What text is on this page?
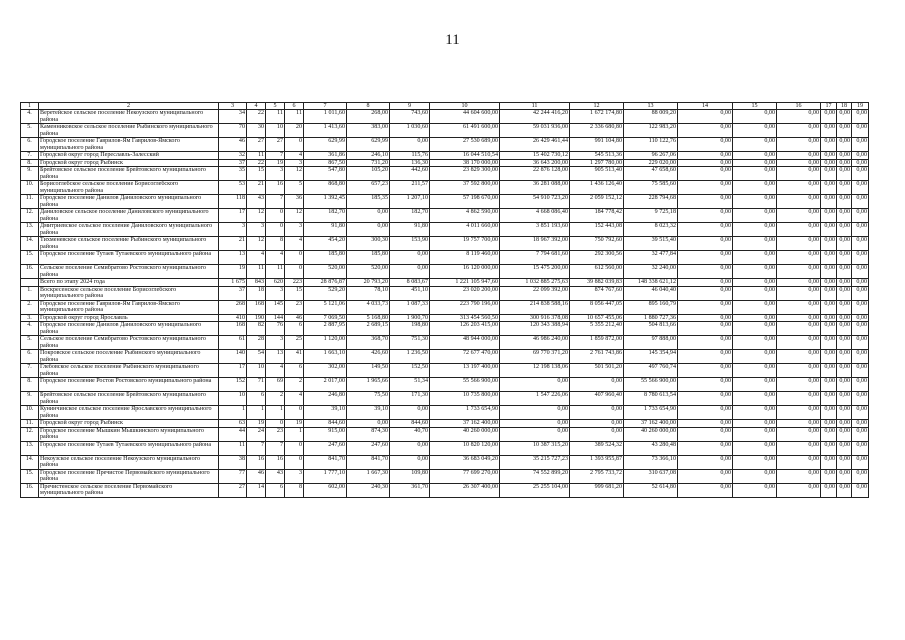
11
1	2	3	4	5	6	7	8	9	10	11	12	13	14	15	16	17	18	19
4.	Веретейское сельское поселение Некоузского муниципального района	34	22	11	11	1 011,60	268,00	743,60	44 604 600,00	42 244 416,20	1 672 174,80	88 009,20	0,00	0,00	0,00	0,00	0,00	0,00
5.	Каменниковское сельское поселение Рыбинского муниципального района	70	30	10	20	1 413,60	383,00	1 030,60	61 491 600,00	59 031 936,00	2 336 680,80	122 983,20	0,00	0,00	0,00	0,00	0,00	0,00
6.	Городское поселение Гаврилов-Ям Гаврилов-Ямского муниципального района	46	27	27	0	629,99	629,99	0,00	27 530 689,00	26 429 461,44	991 104,80	110 122,76	0,00	0,00	0,00	0,00	0,00	0,00
7.	Городской округ город Переславль-Залесский	32	11	7	4	361,86	246,10	115,76	16 044 510,54	15 402 730,12	545 513,36	96 267,06	0,00	0,00	0,00	0,00	0,00	0,00
8.	Городской округ город Рыбинск	37	22	19	3	867,50	731,20	136,30	38 170 000,00	36 643 200,00	1 297 780,00	229 020,00	0,00	0,00	0,00	0,00	0,00	0,00
9.	Брейтовское сельское поселение Брейтовского муниципального района	35	15	3	12	547,80	105,20	442,60	23 829 300,00	22 876 128,00	905 513,40	47 658,60	0,00	0,00	0,00	0,00	0,00	0,00
10.	Борисоглебское сельское поселение Борисоглебского муниципального района	53	21	16	5	868,80	657,23	211,57	37 592 800,00	36 281 088,00	1 436 126,40	75 585,60	0,00	0,00	0,00	0,00	0,00	0,00
11.	Городское поселение Данилов Даниловского муниципального района	118	43	7	36	1 392,45	185,35	1 207,10	57 198 670,00	54 910 723,20	2 059 152,12	228 794,68	0,00	0,00	0,00	0,00	0,00	0,00
12.	Даниловское сельское поселение Даниловского муниципального района	17	12	0	12	182,70	0,00	182,70	4 862 590,00	4 668 086,40	184 778,42	9 725,18	0,00	0,00	0,00	0,00	0,00	0,00
13.	Дмитриевское сельское поселение Даниловского муниципального района	3	3	0	3	91,80	0,00	91,80	4 011 660,00	3 851 193,60	152 443,08	8 023,32	0,00	0,00	0,00	0,00	0,00	0,00
14.	Тихменевское сельское поселение Рыбинского муниципального района	21	12	8	4	454,20	300,30	153,90	19 757 700,00	18 967 392,00	750 792,60	39 515,40	0,00	0,00	0,00	0,00	0,00	0,00
15.	Городское поселение Тутаев Тутаевского муниципального района	13	4	4	0	185,80	185,80	0,00	8 119 460,00	7 794 681,60	292 300,56	32 477,84	0,00	0,00	0,00	0,00	0,00	0,00
16.	Сельское поселение Семибратово Ростовского муниципального района	19	11	11	0	520,00	520,00	0,00	16 120 000,00	15 475 200,00	612 560,00	32 240,00	0,00	0,00	0,00	0,00	0,00	0,00
	Всего по этапу 2024 года	1 675	843	620	223	28 876,87	20 793,20	8 083,67	1 221 105 947,60	1 032 885 275,63	39 882 039,83	148 338 621,12	0,00	0,00	0,00	0,00	0,00	0,00
1.	Воскресенское сельское поселение Борисоглебского муниципального района	37	18	3	15	529,20	78,10	451,10	23 020 200,00	22 099 392,00	874 767,60	46 040,40	0,00	0,00	0,00	0,00	0,00	0,00
2.	Городское поселение Гаврилов-Ям Гаврилов-Ямского муниципального района	268	168	145	23	5 121,06	4 033,73	1 087,33	223 790 196,00	214 838 588,16	8 056 447,05	895 160,79	0,00	0,00	0,00	0,00	0,00	0,00
3.	Городской округ город Ярославль	410	190	144	46	7 069,50	5 168,80	1 900,70	313 454 560,50	300 916 378,08	10 657 455,06	1 880 727,36	0,00	0,00	0,00	0,00	0,00	0,00
4.	Городское поселение Данилов Даниловского муниципального района	168	82	76	6	2 887,95	2 689,15	198,80	126 203 415,00	120 343 388,94	5 355 212,40	504 813,66	0,00	0,00	0,00	0,00	0,00	0,00
5.	Сельское поселение Семибратово Ростовского муниципального района	61	28	3	25	1 120,00	368,70	751,30	48 944 000,00	46 986 240,00	1 859 872,00	97 888,00	0,00	0,00	0,00	0,00	0,00	0,00
6.	Покровское сельское поселение Рыбинского муниципального района	140	54	13	41	1 663,10	426,60	1 236,50	72 677 470,00	69 770 371,20	2 761 743,86	145 354,94	0,00	0,00	0,00	0,00	0,00	0,00
7.	Глебовское сельское поселение Рыбинского муниципального района	17	10	4	6	302,00	149,50	152,50	13 197 400,00	12 198 138,06	501 501,20	497 760,74	0,00	0,00	0,00	0,00	0,00	0,00
8.	Городское поселение Ростов Ростовского муниципального района	152	71	69	2	2 017,00	1 965,66	51,34	55 566 900,00	0,00	0,00	55 566 900,00	0,00	0,00	0,00	0,00	0,00	0,00
9.	Брейтовское сельское поселение Брейтовского муниципального района	10	6	2	4	246,80	75,50	171,30	10 735 800,00	1 547 226,06	407 960,40	8 780 613,54	0,00	0,00	0,00	0,00	0,00	0,00
10.	Кунинчинское сельское поселение Ярославского муниципального района	1	1	1	0	39,10	39,10	0,00	1 733 654,90	0,00	0,00	1 733 654,90	0,00	0,00	0,00	0,00	0,00	0,00
11.	Городской округ город Рыбинск	63	19	0	19	844,60	0,00	844,60	37 162 400,00	0,00	0,00	37 162 400,00	0,00	0,00	0,00	0,00	0,00	0,00
12.	Городское поселение Мышкин Мышкинского муниципального района	44	24	23	1	915,00	874,30	40,70	40 260 000,00	0,00	0,00	40 260 000,00	0,00	0,00	0,00	0,00	0,00	0,00
13.	Городское поселение Тутаев Тутаевского муниципального района	11	7	7	0	247,60	247,60	0,00	10 820 120,00	10 387 315,20	389 524,32	43 280,48	0,00	0,00	0,00	0,00	0,00	0,00
14.	Некоузское сельское поселение Некоузского муниципального района	38	16	16	0	841,70	841,70	0,00	36 683 049,20	35 215 727,23	1 393 955,87	73 366,10	0,00	0,00	0,00	0,00	0,00	0,00
15.	Городское поселение Пречистое Первомайского муниципального района	77	46	43	3	1 777,10	1 667,30	109,80	77 699 270,00	74 552 899,20	2 795 733,72	310 637,08	0,00	0,00	0,00	0,00	0,00	0,00
16.	Пречистенское сельское поселение Первомайского муниципального района	27	14	6	8	602,00	240,30	361,70	26 307 400,00	25 255 104,00	999 681,20	52 614,80	0,00	0,00	0,00	0,00	0,00	0,00
